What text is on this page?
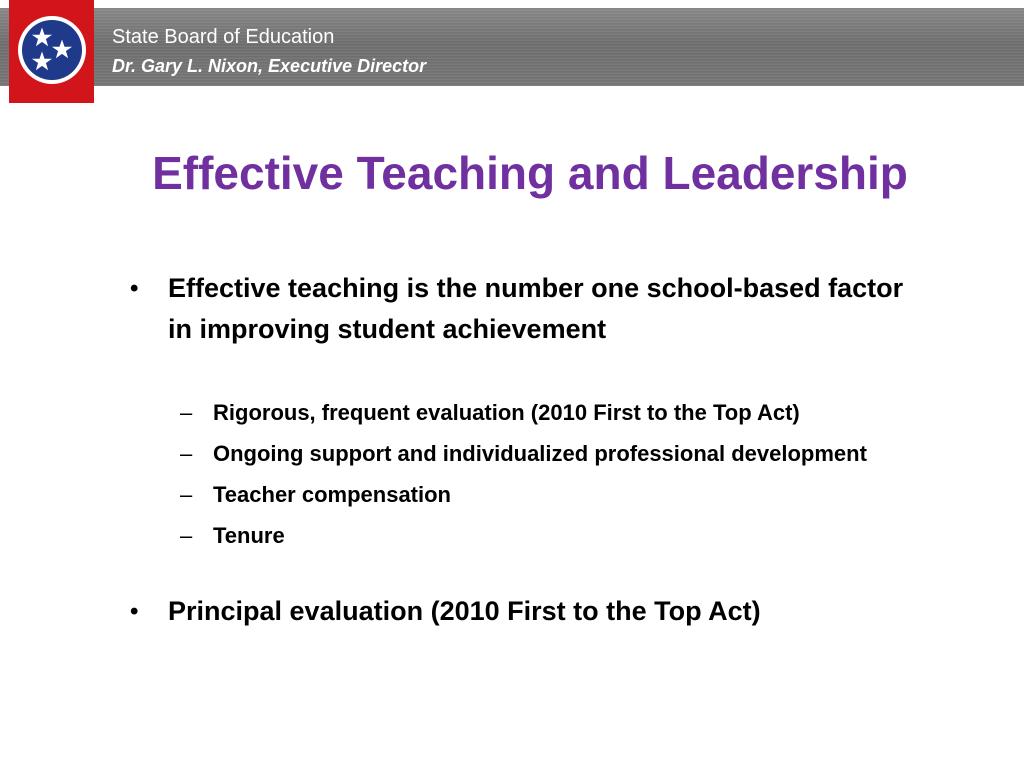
State Board of Education
Dr. Gary L. Nixon, Executive Director
Effective Teaching and Leadership
• Effective teaching is the number one school-based factor in improving student achievement
– Rigorous, frequent evaluation (2010 First to the Top Act)
– Ongoing support and individualized professional development
– Teacher compensation
– Tenure
• Principal evaluation (2010 First to the Top Act)
